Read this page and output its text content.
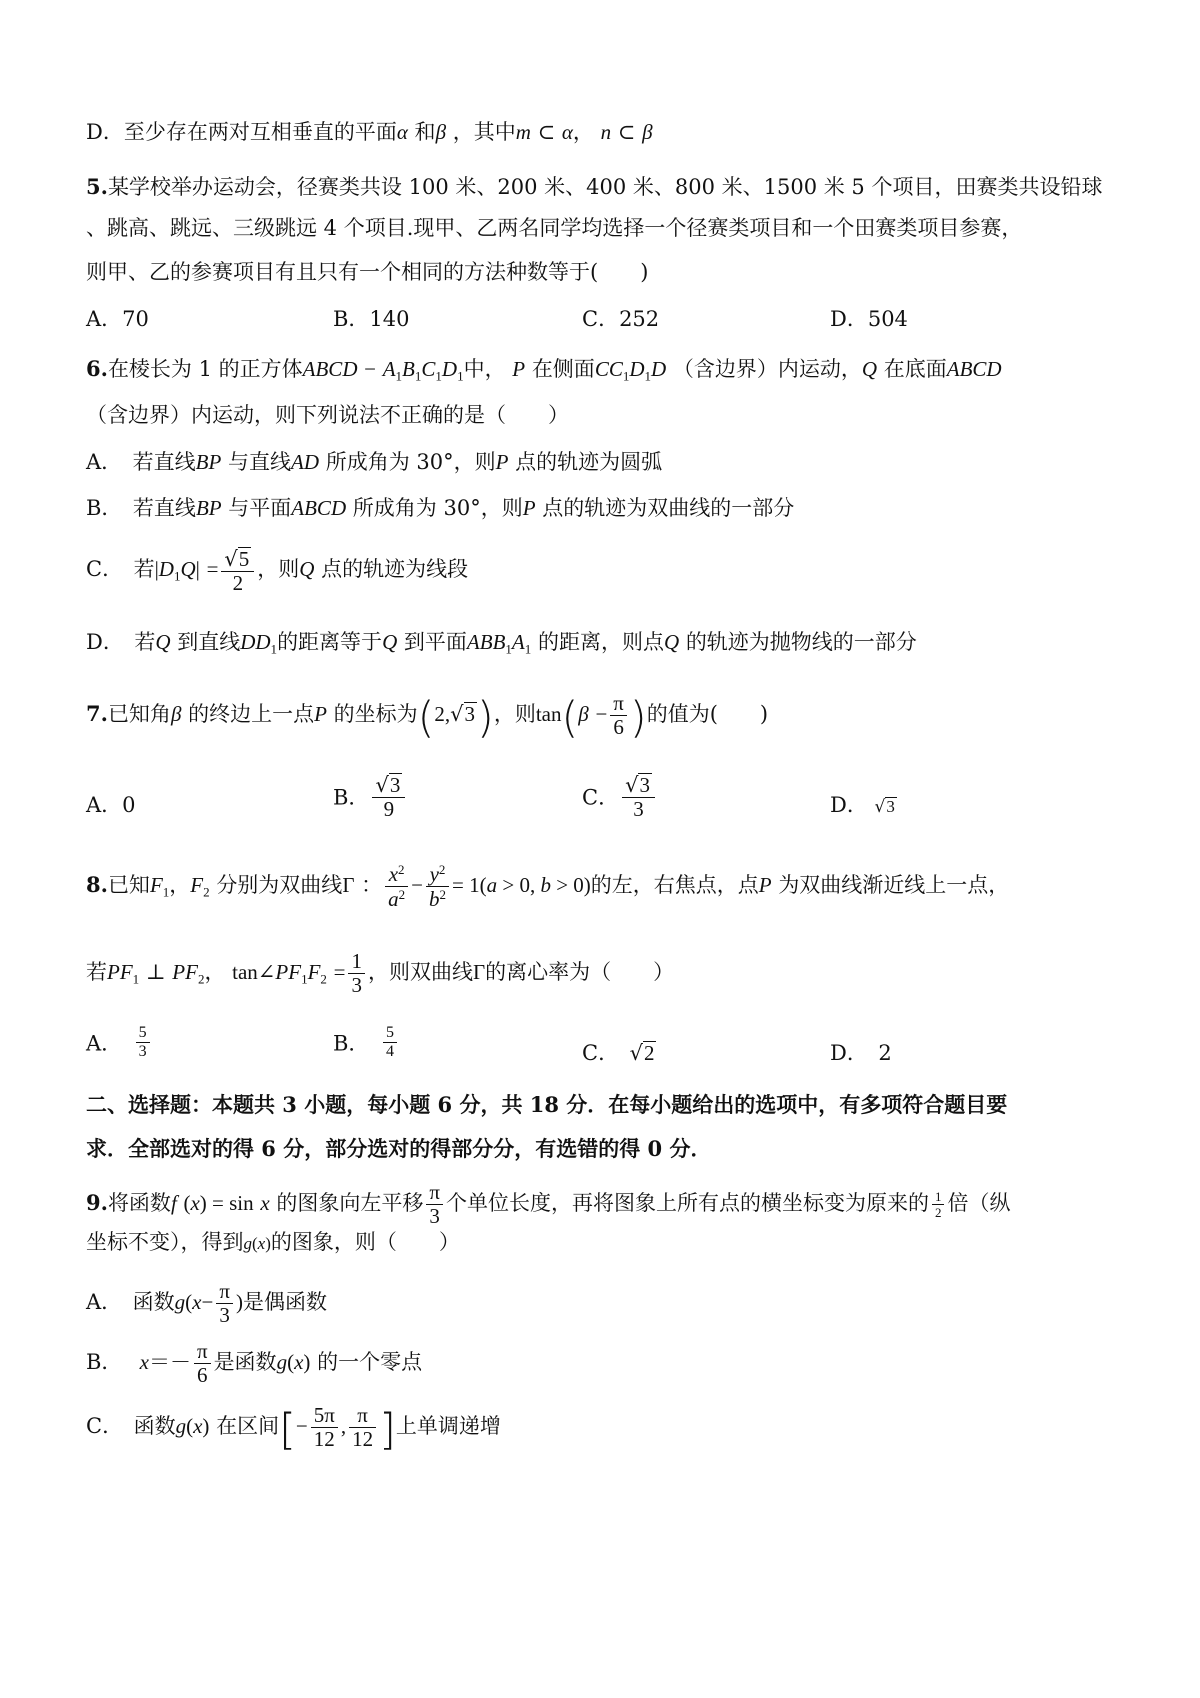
D．至少存在两对互相垂直的平面α 和β ，其中m ⊂ α， n ⊂ β
5.某学校举办运动会，径赛类共设 100 米、200 米、400 米、800 米、1500 米 5 个项目，田赛类共设铅球
、跳高、跳远、三级跳远 4 个项目.现甲、乙两名同学均选择一个径赛类项目和一个田赛类项目参赛，
则甲、乙的参赛项目有且只有一个相同的方法种数等于(　　)
A．70	B．140	C．252	D．504
6.在棱长为 1 的正方体ABCD − $A_1B_1C_1D_1$中， P 在侧面$CC_1D_1D$ （含边界）内运动，Q 在底面ABCD
（含边界）内运动，则下列说法不正确的是（　　）
A．　若直线BP 与直线AD 所成角为 30°，则P 点的轨迹为圆弧
B．　若直线BP 与平面ABCD 所成角为 30°，则P 点的轨迹为双曲线的一部分
C．　若$|D_1Q| = \frac{√5}{2}$ ，则Q 点的轨迹为线段
D．　若Q 到直线$DD_1$的距离等于Q 到平面$ABB_1A_1$ 的距离，则点Q 的轨迹为抛物线的一部分
7.已知角β 的终边上一点P 的坐标为(2,√3)，则$\tan(\beta - \frac{\pi}{6}$ )的值为(　　)
A．0	B． $\frac{√3}{9}$	C． $\frac{√3}{3}$	D． √3
8.已知$F_1$，$F_2$ 分别为双曲线Γ ： $\frac{x^2}{a^2} - \frac{y^2}{b^2} = 1(a > 0$, b > 0)的左，右焦点，点P 为双曲线渐近线上一点，
若$PF_1$ ⊥ $PF_2$， $\tan\angle PF_1F_2 = \frac{1}{3}$ ，则双曲线Γ的离心率为（　　）
A．　 $\frac{5}{3}$	B．　 $\frac{5}{4}$	C．　 √2	D．　2
二、选择题：本题共 3 小题，每小题 6 分，共 18 分．在每小题给出的选项中，有多项符合题目要
求．全部选对的得 6 分，部分选对的得部分分，有选错的得 0 分．
9.将函数f (x) = sin x 的图象向左平移 $\frac{\pi}{3}$ 个单位长度，再将图象上所有点的横坐标变为原来的 $\frac{1}{2}$ 倍（纵
坐标不变），得到g(x)的图象，则（　　）
A．　函数$g(x- \frac{\pi}{3}$ )是偶函数
B．　 $x=- \frac{\pi}{6}$ 是函数g(x) 的一个零点
C．　函数g(x) 在区间[− $\frac{5\pi}{12}$ , $\frac{\pi}{12}$ ]上单调递增
